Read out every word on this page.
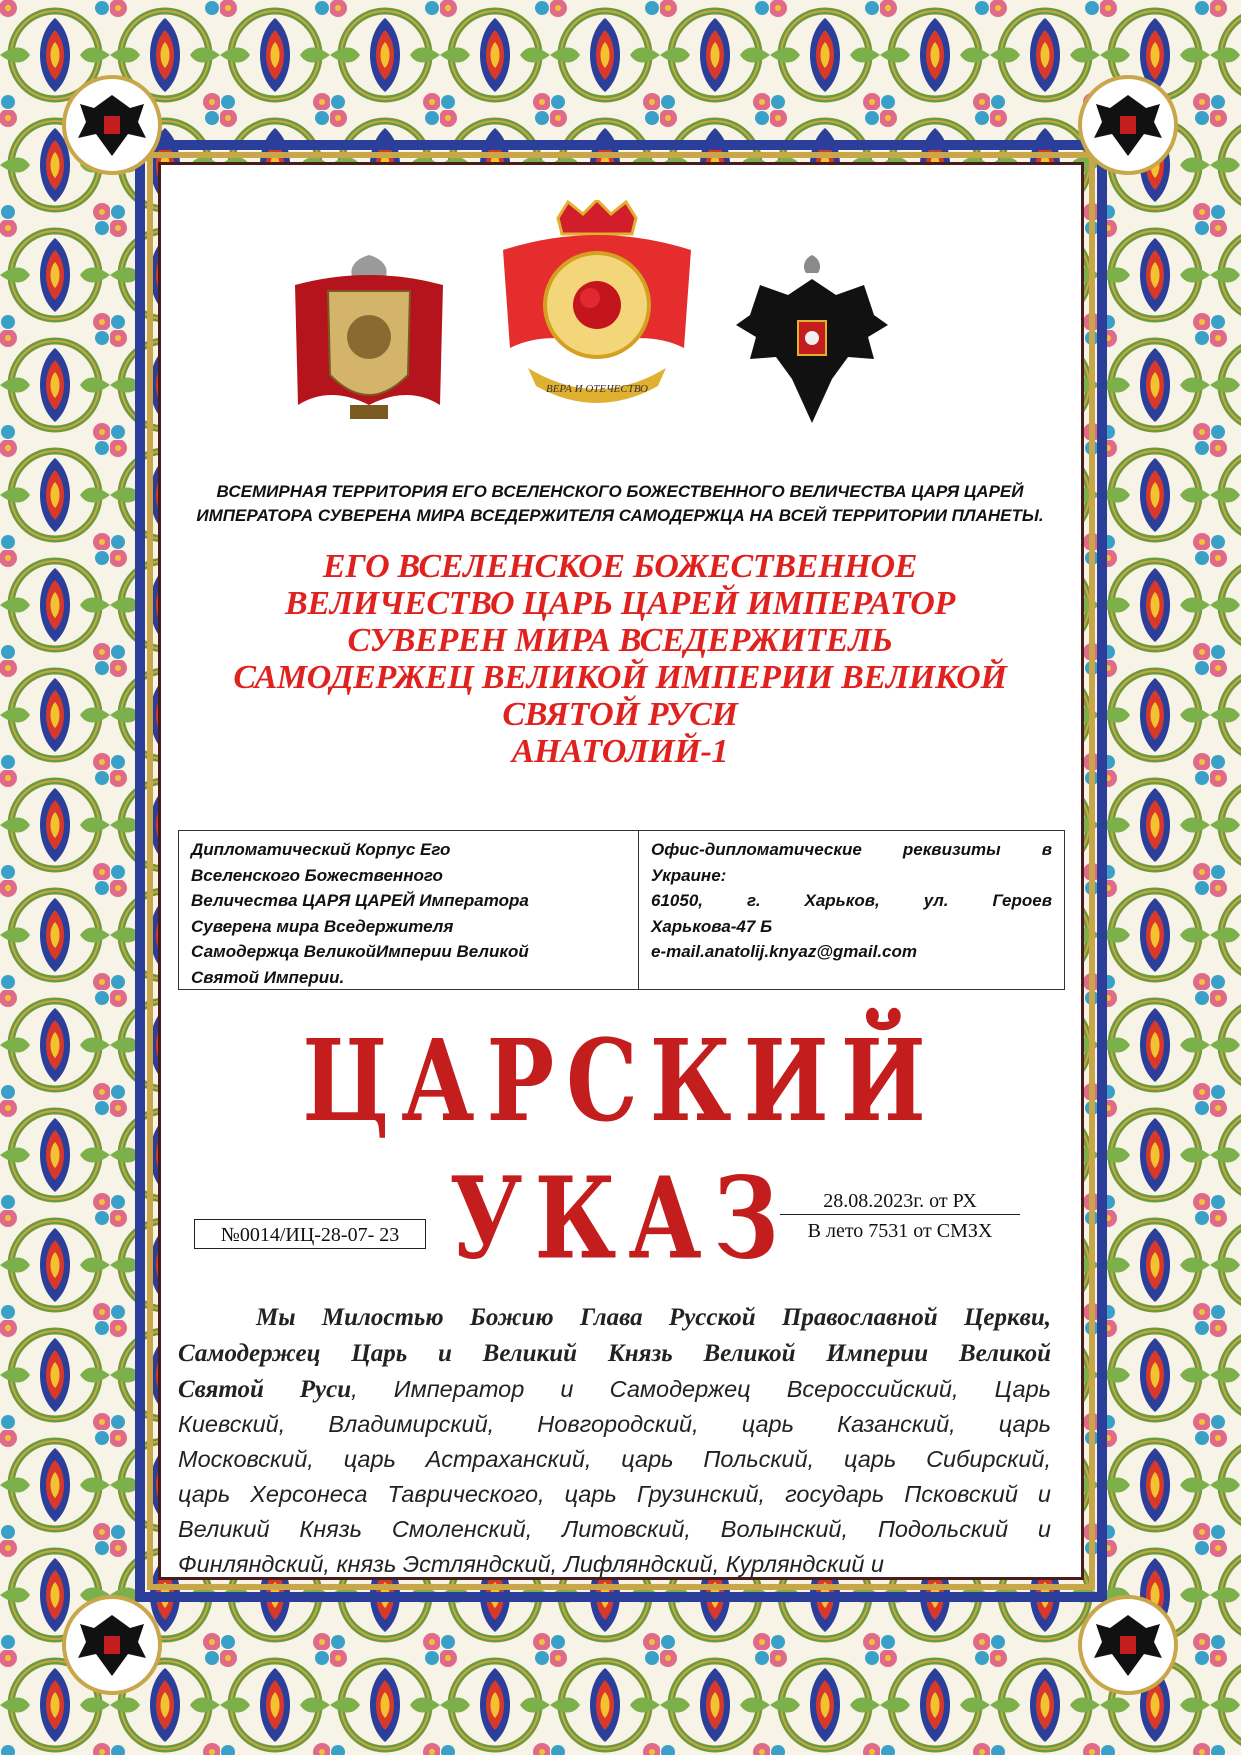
ВЕРА И ОТЕЧЕСТВО
ВСЕМИРНАЯ ТЕРРИТОРИЯ ЕГО ВСЕЛЕНСКОГО БОЖЕСТВЕННОГО ВЕЛИЧЕСТВА ЦАРЯ ЦАРЕЙ
ИМПЕРАТОРА СУВЕРЕНА МИРА ВСЕДЕРЖИТЕЛЯ САМОДЕРЖЦА НА ВСЕЙ ТЕРРИТОРИИ ПЛАНЕТЫ.
ЕГО ВСЕЛЕНСКОЕ БОЖЕСТВЕННОЕ
ВЕЛИЧЕСТВО ЦАРЬ ЦАРЕЙ ИМПЕРАТОР
СУВЕРЕН МИРА ВСЕДЕРЖИТЕЛЬ
САМОДЕРЖЕЦ ВЕЛИКОЙ ИМПЕРИИ ВЕЛИКОЙ
СВЯТОЙ РУСИ
АНАТОЛИЙ-1
Дипломатический Корпус Его
Вселенского Божественного
Величества ЦАРЯ ЦАРЕЙ Императора
Суверена мира Вседержителя
Самодержца ВеликойИмперии Великой
Святой Империи.
Офис-дипломатические реквизиты в
Украине:
61050, г. Харьков, ул. Героев
Харькова-47 Б
e-mail.anatolij.knyaz@gmail.com
ЦАРСКИЙ УКАЗ	28.08.2023г. от РХ
В лето 7531 от СМЗХ
№0014/ИЦ-28-07- 23
Мы Милостью Божию Глава Русской Православной Церкви,
Самодержец Царь и Великий Князь Великой Империи Великой
Святой Руси, Император и Самодержец Всероссийский, Царь
Киевский, Владимирский, Новгородский, царь Казанский, царь
Московский, царь Астраханский, царь Польский, царь Сибирский,
царь Херсонеса Таврического, царь Грузинский, государь Псковский и
Великий Князь Смоленский, Литовский, Волынский, Подольский и
Финляндский, князь Эстляндский, Лифляндский, Курляндский и
